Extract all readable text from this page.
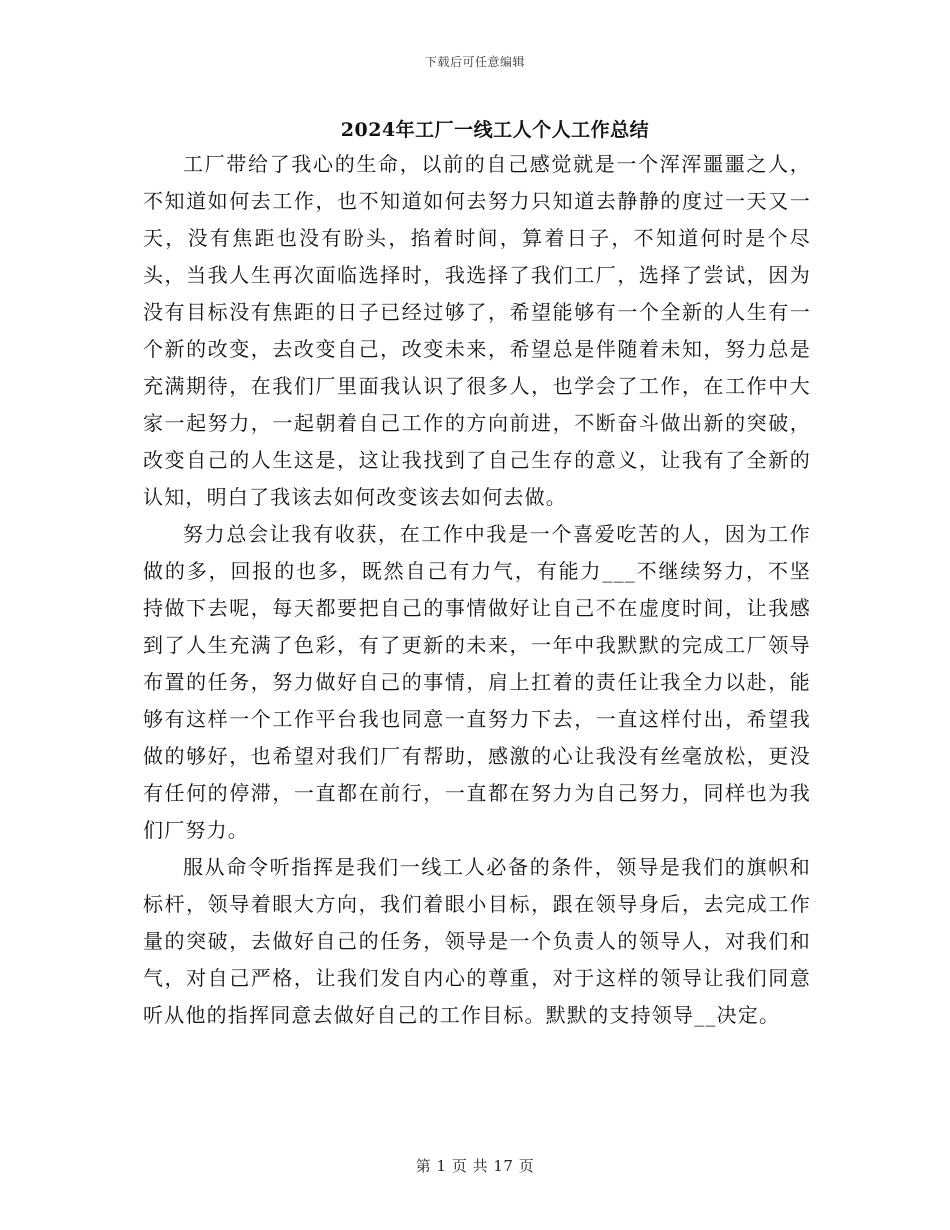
下载后可任意编辑
2024年工厂一线工人个人工作总结

工厂带给了我心的生命，以前的自己感觉就是一个浑浑噩噩之人，不知道如何去工作，也不知道如何去努力只知道去静静的度过一天又一天，没有焦距也没有盼头，掐着时间，算着日子，不知道何时是个尽头，当我人生再次面临选择时，我选择了我们工厂，选择了尝试，因为没有目标没有焦距的日子已经过够了，希望能够有一个全新的人生有一个新的改变，去改变自己，改变未来，希望总是伴随着未知，努力总是充满期待，在我们厂里面我认识了很多人，也学会了工作，在工作中大家一起努力，一起朝着自己工作的方向前进，不断奋斗做出新的突破，改变自己的人生这是，这让我找到了自己生存的意义，让我有了全新的认知，明白了我该去如何改变该去如何去做。

努力总会让我有收获，在工作中我是一个喜爱吃苦的人，因为工作做的多，回报的也多，既然自己有力气，有能力___不继续努力，不坚持做下去呢，每天都要把自己的事情做好让自己不在虚度时间，让我感到了人生充满了色彩，有了更新的未来，一年中我默默的完成工厂领导布置的任务，努力做好自己的事情，肩上扛着的责任让我全力以赴，能够有这样一个工作平台我也同意一直努力下去，一直这样付出，希望我做的够好，也希望对我们厂有帮助，感激的心让我没有丝毫放松，更没有任何的停滞，一直都在前行，一直都在努力为自己努力，同样也为我们厂努力。

服从命令听指挥是我们一线工人必备的条件，领导是我们的旗帜和标杆，领导着眼大方向，我们着眼小目标，跟在领导身后，去完成工作量的突破，去做好自己的任务，领导是一个负责人的领导人，对我们和气，对自己严格，让我们发自内心的尊重，对于这样的领导让我们同意听从他的指挥同意去做好自己的工作目标。默默的支持领导__决定。

第 1 页 共 17 页
